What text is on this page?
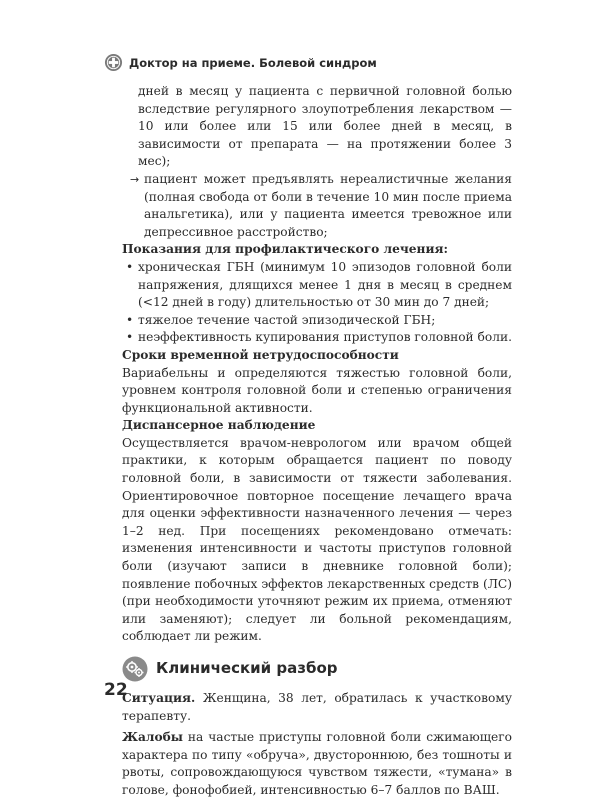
Доктор на приеме. Болевой синдром

дней в месяц у пациента с первичной головной болью вследствие регулярного злоупотребления лекарством — 10 или более или 15 или более дней в месяц, в зависимости от препарата — на протяжении более 3 мес);

→ пациент может предъявлять нереалистичные желания (полная свобода от боли в течение 10 мин после приема анальгетика), или у пациента имеется тревожное или депрессивное расстройство;

Показания для профилактического лечения:

• хроническая ГБН (минимум 10 эпизодов головной боли напряжения, длящихся менее 1 дня в месяц в среднем (<12 дней в году) длительностью от 30 мин до 7 дней;

• тяжелое течение частой эпизодической ГБН;

• неэффективность купирования приступов головной боли.

Сроки временной нетрудоспособности

Вариабельны и определяются тяжестью головной боли, уровнем контроля головной боли и степенью ограничения функциональной активности.

Диспансерное наблюдение

Осуществляется врачом-неврологом или врачом общей практики, к которым обращается пациент по поводу головной боли, в зависимости от тяжести заболевания. Ориентировочное повторное посещение лечащего врача для оценки эффективности назначенного лечения — через 1–2 нед. При посещениях рекомендовано отмечать: изменения интенсивности и частоты приступов головной боли (изучают записи в дневнике головной боли); появление побочных эффектов лекарственных средств (ЛС) (при необходимости уточняют режим их приема, отменяют или заменяют); следует ли больной рекомендациям, соблюдает ли режим.

Клинический разбор

Ситуация. Женщина, 38 лет, обратилась к участковому терапевту.

Жалобы на частые приступы головной боли сжимающего характера по типу «обруча», двустороннюю, без тошноты и рвоты, сопровождающуюся чувством тяжести, «тумана» в голове, фонофобией, интенсивностью 6–7 баллов по ВАШ.

22
